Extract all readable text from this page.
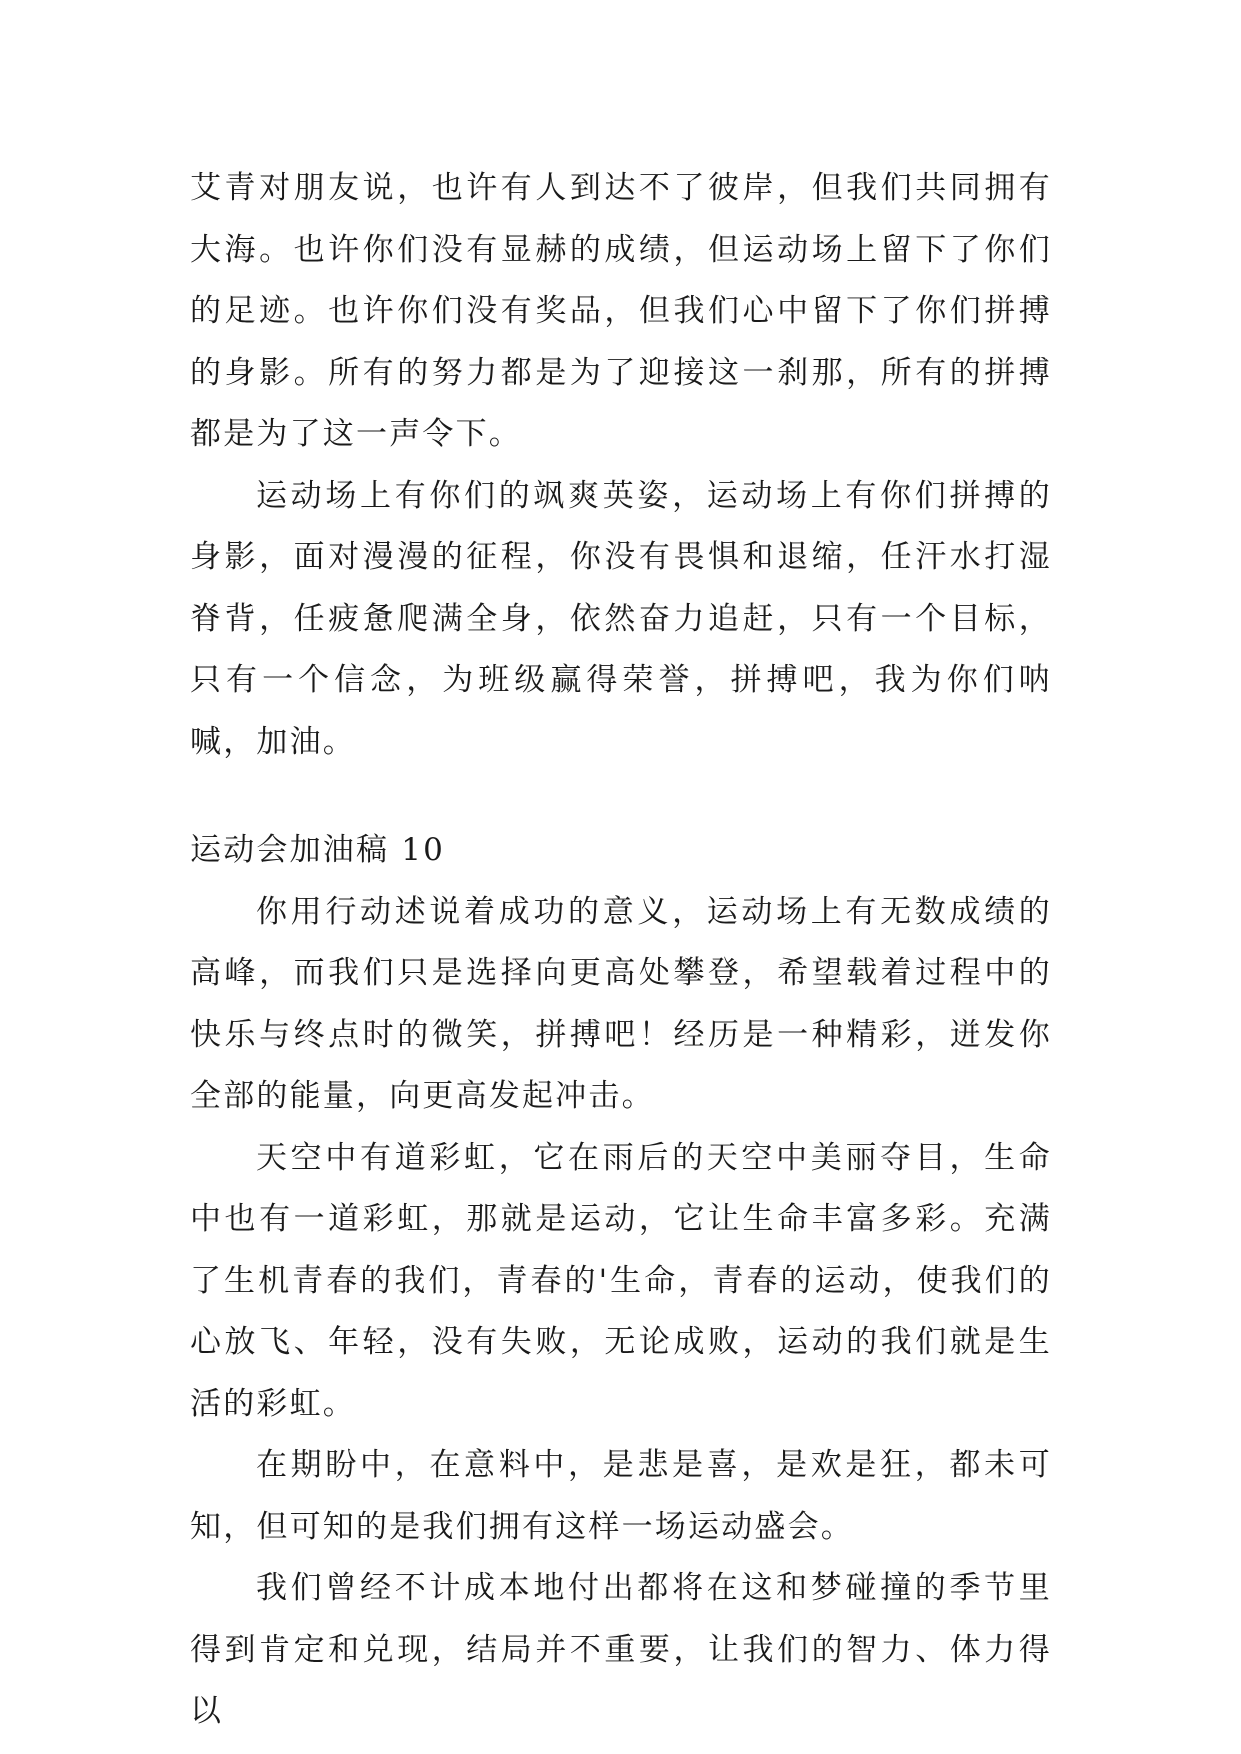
艾青对朋友说，也许有人到达不了彼岸，但我们共同拥有大海。也许你们没有显赫的成绩，但运动场上留下了你们的足迹。也许你们没有奖品，但我们心中留下了你们拼搏的身影。所有的努力都是为了迎接这一刹那，所有的拼搏都是为了这一声令下。

运动场上有你们的飒爽英姿，运动场上有你们拼搏的身影，面对漫漫的征程，你没有畏惧和退缩，任汗水打湿脊背，任疲惫爬满全身，依然奋力追赶，只有一个目标，只有一个信念，为班级赢得荣誉，拼搏吧，我为你们呐喊，加油。

运动会加油稿 10

你用行动述说着成功的意义，运动场上有无数成绩的高峰，而我们只是选择向更高处攀登，希望载着过程中的快乐与终点时的微笑，拼搏吧！经历是一种精彩，迸发你全部的能量，向更高发起冲击。

天空中有道彩虹，它在雨后的天空中美丽夺目，生命中也有一道彩虹，那就是运动，它让生命丰富多彩。充满了生机青春的我们，青春的'生命，青春的运动，使我们的心放飞、年轻，没有失败，无论成败，运动的我们就是生活的彩虹。

在期盼中，在意料中，是悲是喜，是欢是狂，都未可知，但可知的是我们拥有这样一场运动盛会。

我们曾经不计成本地付出都将在这和梦碰撞的季节里得到肯定和兑现，结局并不重要，让我们的智力、体力得以
